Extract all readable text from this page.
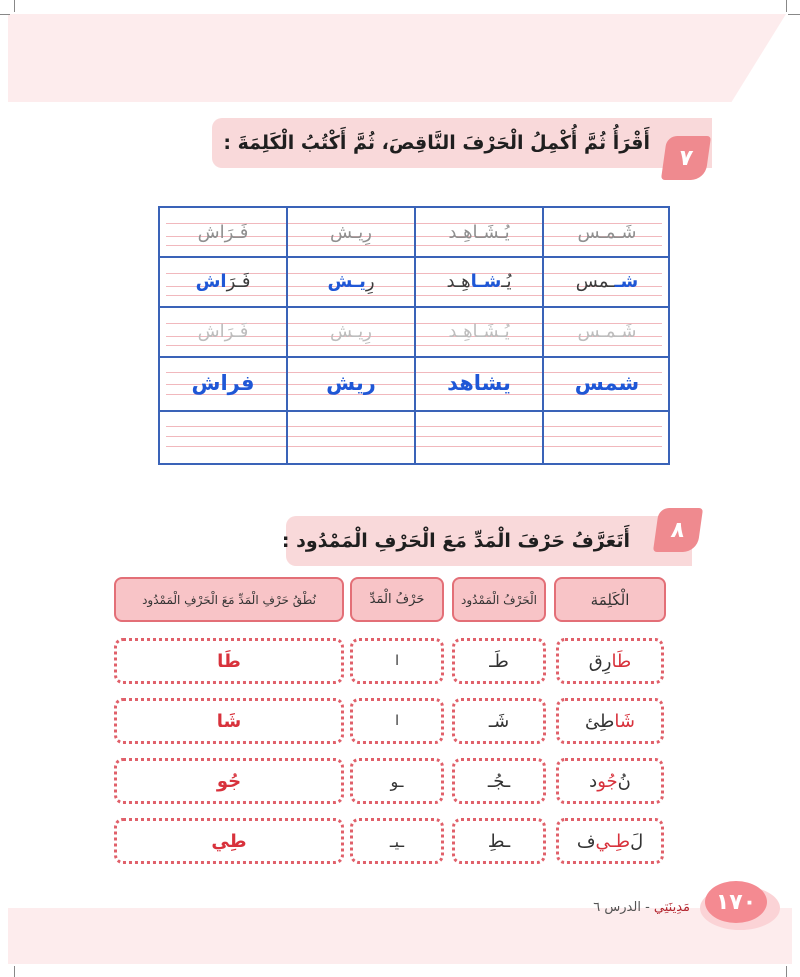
أَقْرَأُ ثُمَّ أُكْمِلُ الْحَرْفَ النَّاقِصَ، ثُمَّ أَكْتُبُ الْكَلِمَةَ :
٧
شَـمـس
يُـشَـاهِـد
رِيـش
فَـرَاش
شـ
ـمس
يُـ
شـا
هِـد
رِ
يـش
فَـرَ
اش
شَـمـس
يُـشَـاهِـد
رِيـش
فَـرَاش
شمس
يشاهد
ريش
فراش
أَتَعَرَّفُ حَرْفَ الْمَدِّ مَعَ الْحَرْفِ الْمَمْدُود :	٨
الْكَلِمَة
الْحَرْفُ الْمَمْدُود
حَرْفُ الْمَدِّ
نُطْقُ حَرْفِ الْمَدِّ مَعَ الْحَرْفِ الْمَمْدُود
طَا
رِق
طَـ
ا
طَا
شَا
طِئ
شَـ
ا
شَا
نُ
جُو
د
ـجُـ
ـو
جُو
لَ
طِـي
ف
ـطِ
ـيـ
طِي
١٧٠
مَدِينَتِي - الدرس ٦
